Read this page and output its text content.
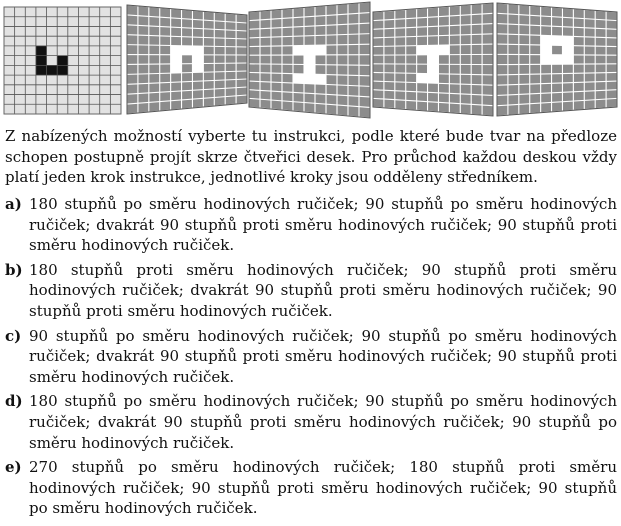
Z nabízených možností vyberte tu instrukci, podle které bude tvar na předloze schopen postupně projít skrze čtveřici desek. Pro průchod každou deskou vždy platí jeden krok instrukce, jednotlivé kroky jsou odděleny středníkem.

a) 180 stupňů po směru hodinových ručiček; 90 stupňů po směru hodinových ručiček; dvakrát 90 stupňů proti směru hodinových ručiček; 90 stupňů proti směru hodinových ručiček.
b) 180 stupňů proti směru hodinových ručiček; 90 stupňů proti směru hodinových ručiček; dvakrát 90 stupňů proti směru hodinových ručiček; 90 stupňů proti směru hodinových ručiček.
c) 90 stupňů po směru hodinových ručiček; 90 stupňů po směru hodinových ručiček; dvakrát 90 stupňů proti směru hodinových ručiček; 90 stupňů proti směru hodinových ručiček.
d) 180 stupňů po směru hodinových ručiček; 90 stupňů po směru hodinových ručiček; dvakrát 90 stupňů proti směru hodinových ručiček; 90 stupňů po směru hodinových ručiček.
e) 270 stupňů po směru hodinových ručiček; 180 stupňů proti směru hodinových ručiček; 90 stupňů proti směru hodinových ručiček; 90 stupňů po směru hodinových ručiček.
